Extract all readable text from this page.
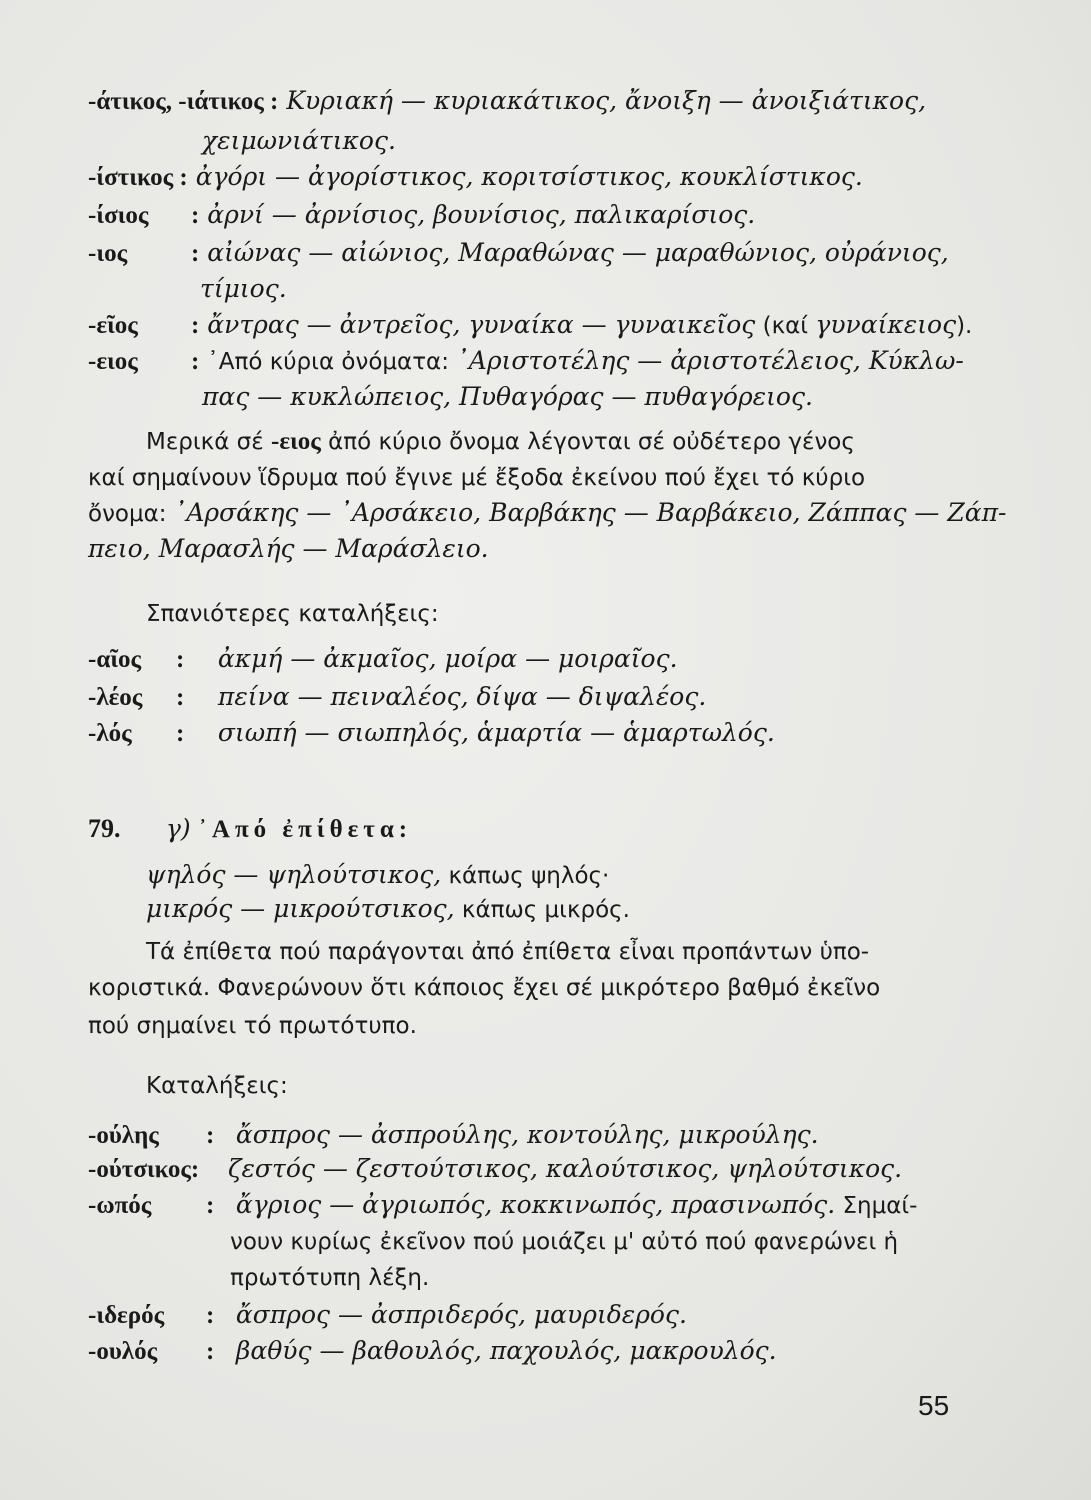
-άτικος, -ιάτικος : Κυριακή — κυριακάτικος, ἄνοιξη — ἀνοιξιάτικος,
χειμωνιάτικος.
-ίστικος : ἀγόρι — ἀγορίστικος, κοριτσίστικος, κουκλίστικος.
-ίσιος : ἀρνί — ἀρνίσιος, βουνίσιος, παλικαρίσιος.
-ιος	: αἰώνας — αἰώνιος, Μαραθώνας — μαραθώνιος, οὐράνιος,
τίμιος.
-εῖος : ἄντρας — ἀντρεῖος, γυναίκα — γυναικεῖος (καί γυναίκειος).
-ειος : ᾿Από κύρια ὀνόματα: ᾿Αριστοτέλης — ἀριστοτέλειος, Κύκλω-
πας — κυκλώπειος, Πυθαγόρας — πυθαγόρειος.
Μερικά σέ -ειος ἀπό κύριο ὄνομα λέγονται σέ οὐδέτερο γένος
καί σημαίνουν ἵδρυμα πού ἔγινε μέ ἔξοδα ἐκείνου πού ἔχει τό κύριο
ὄνομα: ᾿Αρσάκης — ᾿Αρσάκειο, Βαρβάκης — Βαρβάκειο, Ζάππας — Ζάπ-
πειο, Μαρασλής — Μαράσλειο.
Σπανιότερες καταλήξεις:
-αῖος : ἀκμή — ἀκμαῖος, μοίρα — μοιραῖος.
-λέος : πείνα — πειναλέος, δίψα — διψαλέος.
-λός : σιωπή — σιωπηλός, ἁμαρτία — ἁμαρτωλός.
79. γ) ᾿Από ἐπίθετα:
ψηλός — ψηλούτσικος, κάπως ψηλός·
μικρός — μικρούτσικος, κάπως μικρός.
Τά ἐπίθετα πού παράγονται ἀπό ἐπίθετα εἶναι προπάντων ὑπο-
κοριστικά. Φανερώνουν ὅτι κάποιος ἔχει σέ μικρότερο βαθμό ἐκεῖνο
πού σημαίνει τό πρωτότυπο.
Καταλήξεις:
-ούλης : ἄσπρος — ἀσπρούλης, κοντούλης, μικρούλης.
-ούτσικος: ζεστός — ζεστούτσικος, καλούτσικος, ψηλούτσικος.
-ωπός : ἄγριος — ἀγριωπός, κοκκινωπός, πρασινωπός. Σημαί-
νουν κυρίως ἐκεῖνον πού μοιάζει μ' αὐτό πού φανερώνει ἡ
πρωτότυπη λέξη.
-ιδερός : ἄσπρος — ἀσπριδερός, μαυριδερός.
-ουλός : βαθύς — βαθουλός, παχουλός, μακρουλός.
55
